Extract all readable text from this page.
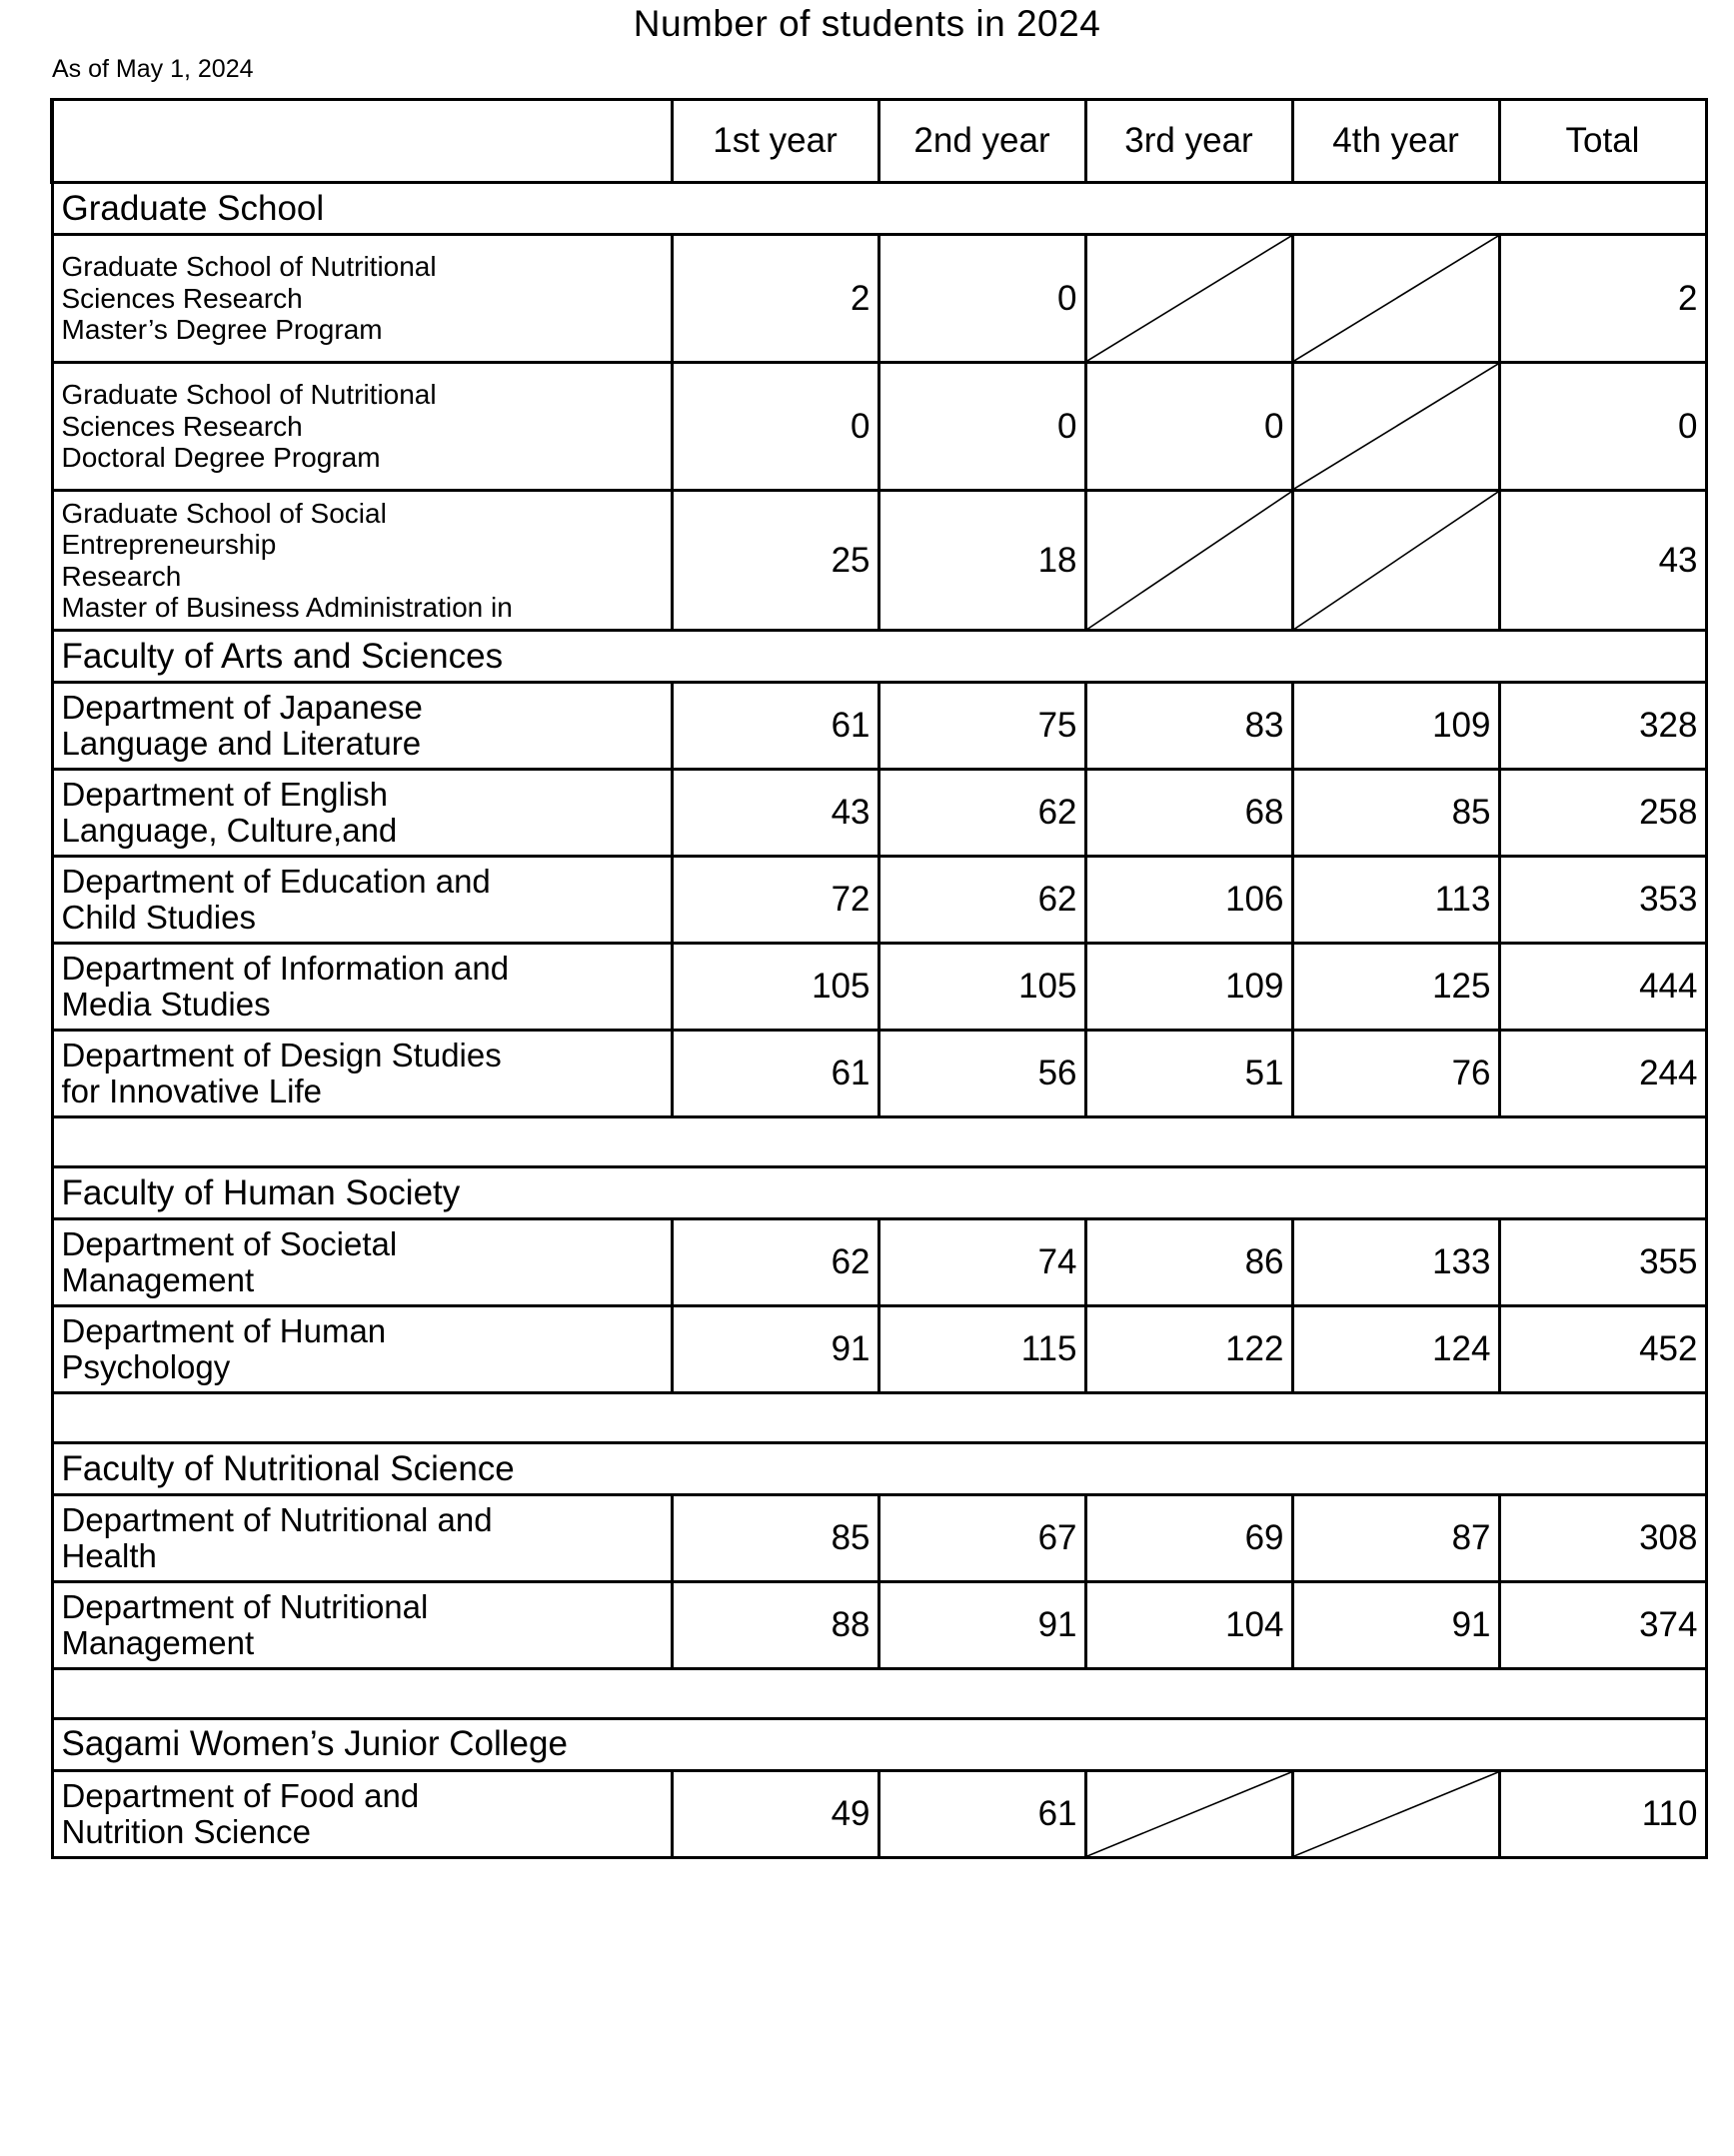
Number of students in 2024
As of May 1, 2024
	1st year	2nd year	3rd year	4th year	Total
Graduate School					

Graduate School of Nutritional
Sciences Research
Master’s Degree Program	2	0			2

Graduate School of Nutritional
Sciences Research
Doctoral Degree Program	0	0	0		0

Graduate School of Social
Entrepreneurship
Research
Master of Business Administration in	25	18			43
Faculty of Arts and Sciences					

Department of Japanese
Language and Literature	61	75	83	109	328

Department of English
Language, Culture,and	43	62	68	85	258

Department of Education and
Child Studies	72	62	106	113	353

Department of Information and
Media Studies	105	105	109	125	444

Department of Design Studies
for Innovative Life	61	56	51	76	244

Faculty of Human Society					

Department of Societal
Management	62	74	86	133	355

Department of Human
Psychology	91	115	122	124	452

Faculty of Nutritional Science					

Department of Nutritional and
Health	85	67	69	87	308

Department of Nutritional
Management	88	91	104	91	374

Sagami Women’s Junior College					

Department of Food and
Nutrition Science	49	61			110
